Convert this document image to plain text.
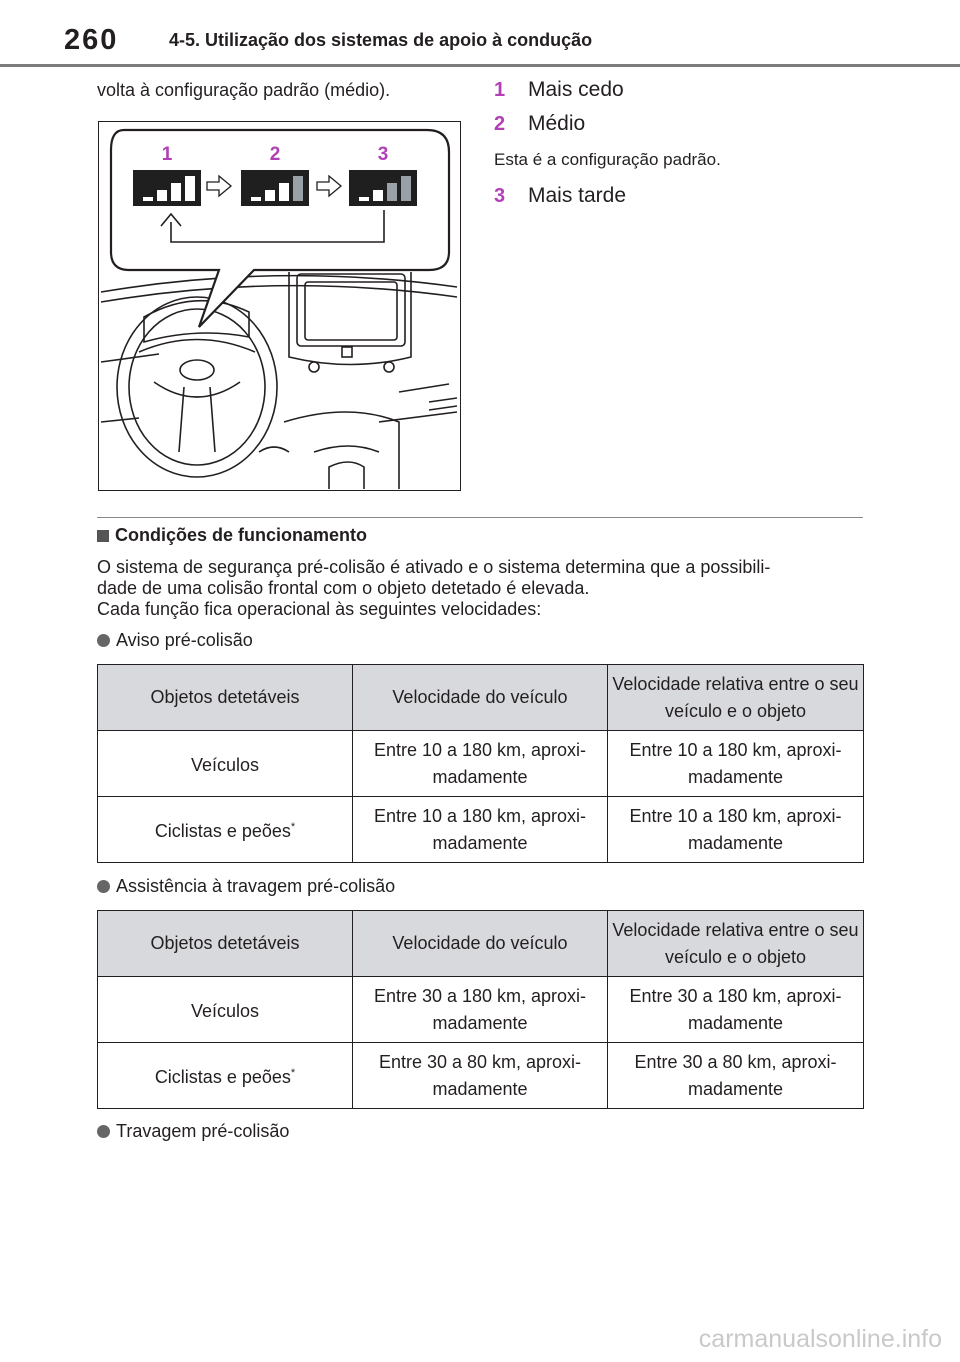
260	4-5. Utilização dos sistemas de apoio à condução
volta à configuração padrão (médio).
1	2	3
1	Mais cedo
2	Médio
Esta é a configuração padrão.
3	Mais tarde
Condições de funcionamento
O sistema de segurança pré-colisão é ativado e o sistema determina que a possibili-
dade de uma colisão frontal com o objeto detetado é elevada.
Cada função fica operacional às seguintes velocidades:
Aviso pré-colisão
Objetos detetáveis	Velocidade do veículo	Velocidade relativa entre o seu veículo e o objeto
Veículos	Entre 10 a 180 km, aproxi-madamente	Entre 10 a 180 km, aproxi-madamente
Ciclistas e peões*	Entre 10 a 180 km, aproxi-madamente	Entre 10 a 180 km, aproxi-madamente
Assistência à travagem pré-colisão
Objetos detetáveis	Velocidade do veículo	Velocidade relativa entre o seu veículo e o objeto
Veículos	Entre 30 a 180 km, aproxi-madamente	Entre 30 a 180 km, aproxi-madamente
Ciclistas e peões*	Entre 30 a 80 km, aproxi-madamente	Entre 30 a 80 km, aproxi-madamente
Travagem pré-colisão
carmanualsonline.info
